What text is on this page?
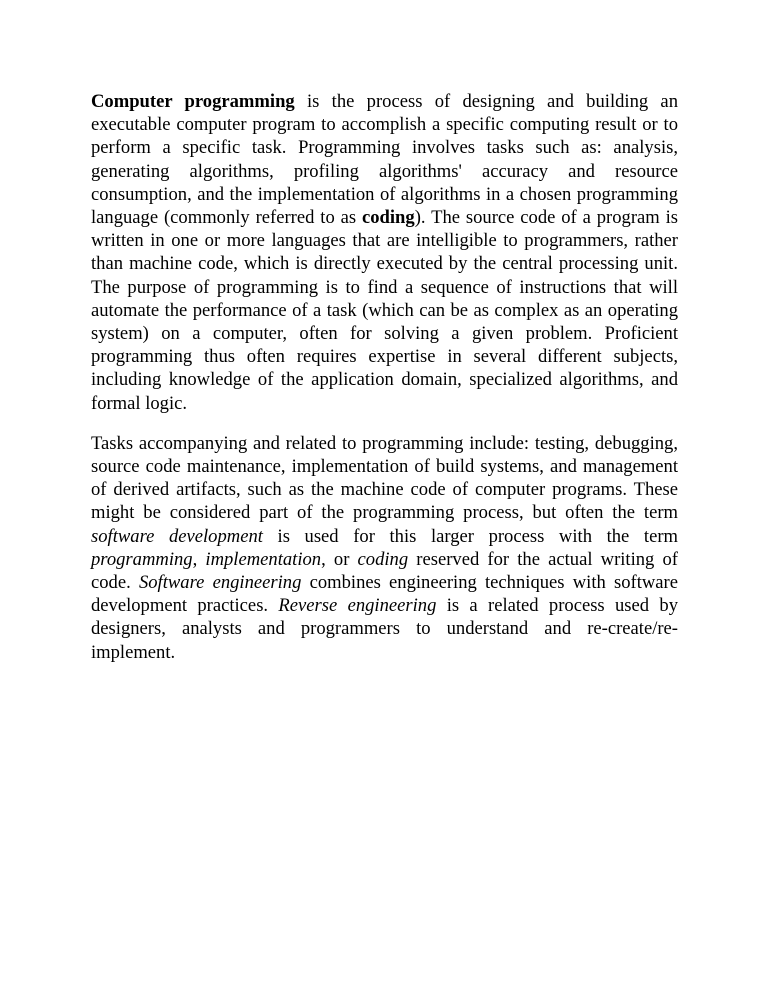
Computer programming is the process of designing and building an executable computer program to accomplish a specific computing result or to perform a specific task. Programming involves tasks such as: analysis, generating algorithms, profiling algorithms' accuracy and resource consumption, and the implementation of algorithms in a chosen programming language (commonly referred to as coding). The source code of a program is written in one or more languages that are intelligible to programmers, rather than machine code, which is directly executed by the central processing unit. The purpose of programming is to find a sequence of instructions that will automate the performance of a task (which can be as complex as an operating system) on a computer, often for solving a given problem. Proficient programming thus often requires expertise in several different subjects, including knowledge of the application domain, specialized algorithms, and formal logic.

Tasks accompanying and related to programming include: testing, debugging, source code maintenance, implementation of build systems, and management of derived artifacts, such as the machine code of computer programs. These might be considered part of the programming process, but often the term software development is used for this larger process with the term programming, implementation, or coding reserved for the actual writing of code. Software engineering combines engineering techniques with software development practices. Reverse engineering is a related process used by designers, analysts and programmers to understand and re-create/re-implement.
